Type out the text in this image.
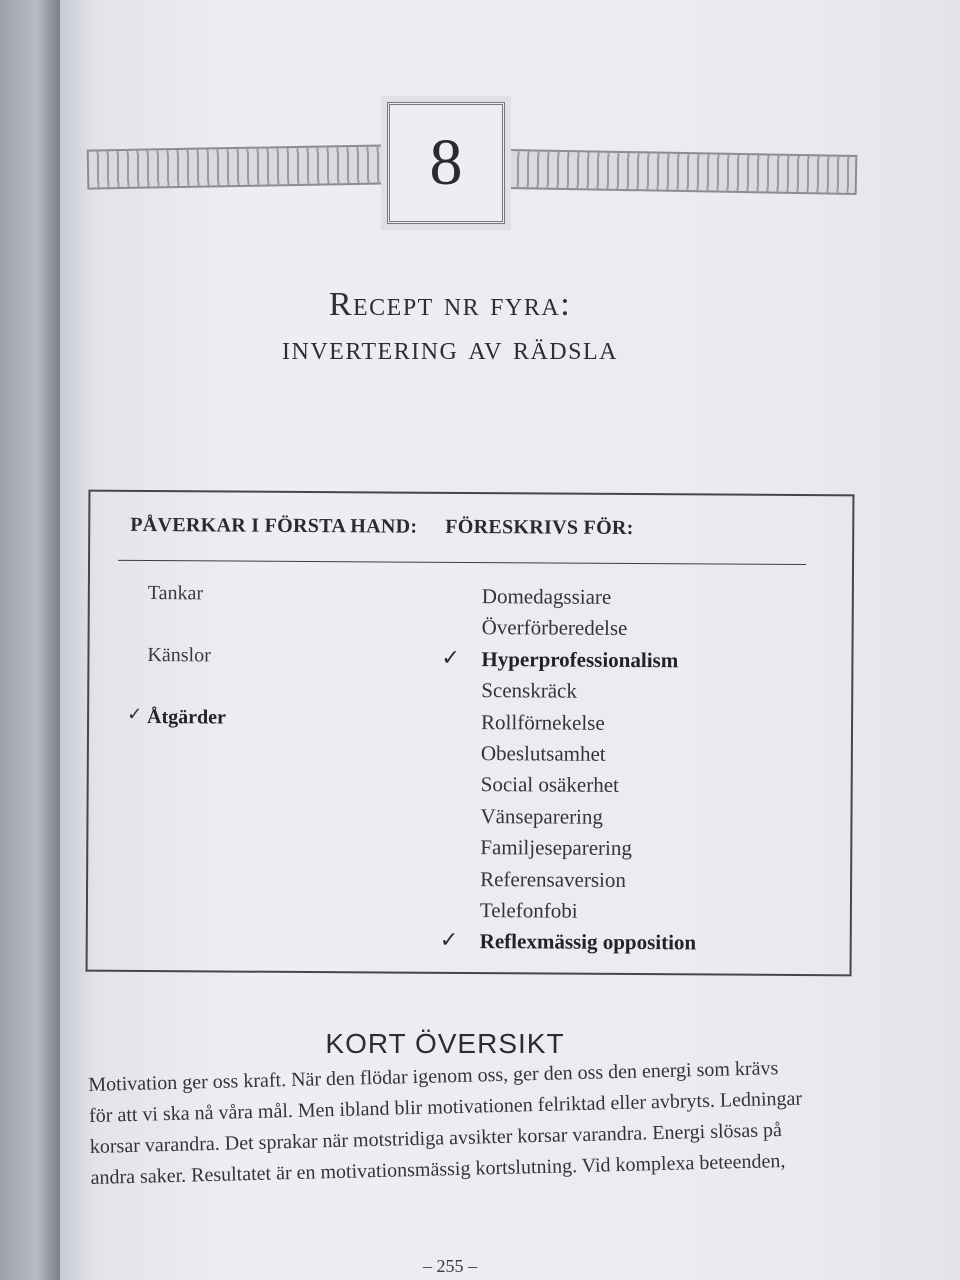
8
Recept nr fyra:
invertering av rädsla
PÅVERKAR I FÖRSTA HAND: FÖRESKRIVS FÖR:
Tankar
Känslor
✓ Åtgärder
Domedagssiare
Överförberedelse
✓ Hyperprofessionalism
Scenskräck
Rollförnekelse
Obeslutsamhet
Social osäkerhet
Vänseparering
Familjeseparering
Referensaversion
Telefonfobi
✓ Reflexmässig opposition
KORT ÖVERSIKT
Motivation ger oss kraft. När den flödar igenom oss, ger den oss den energi som krävs
för att vi ska nå våra mål. Men ibland blir motivationen felriktad eller avbryts. Ledningar
korsar varandra. Det sprakar när motstridiga avsikter korsar varandra. Energi slösas på
andra saker. Resultatet är en motivationsmässig kortslutning. Vid komplexa beteenden,
– 255 –
